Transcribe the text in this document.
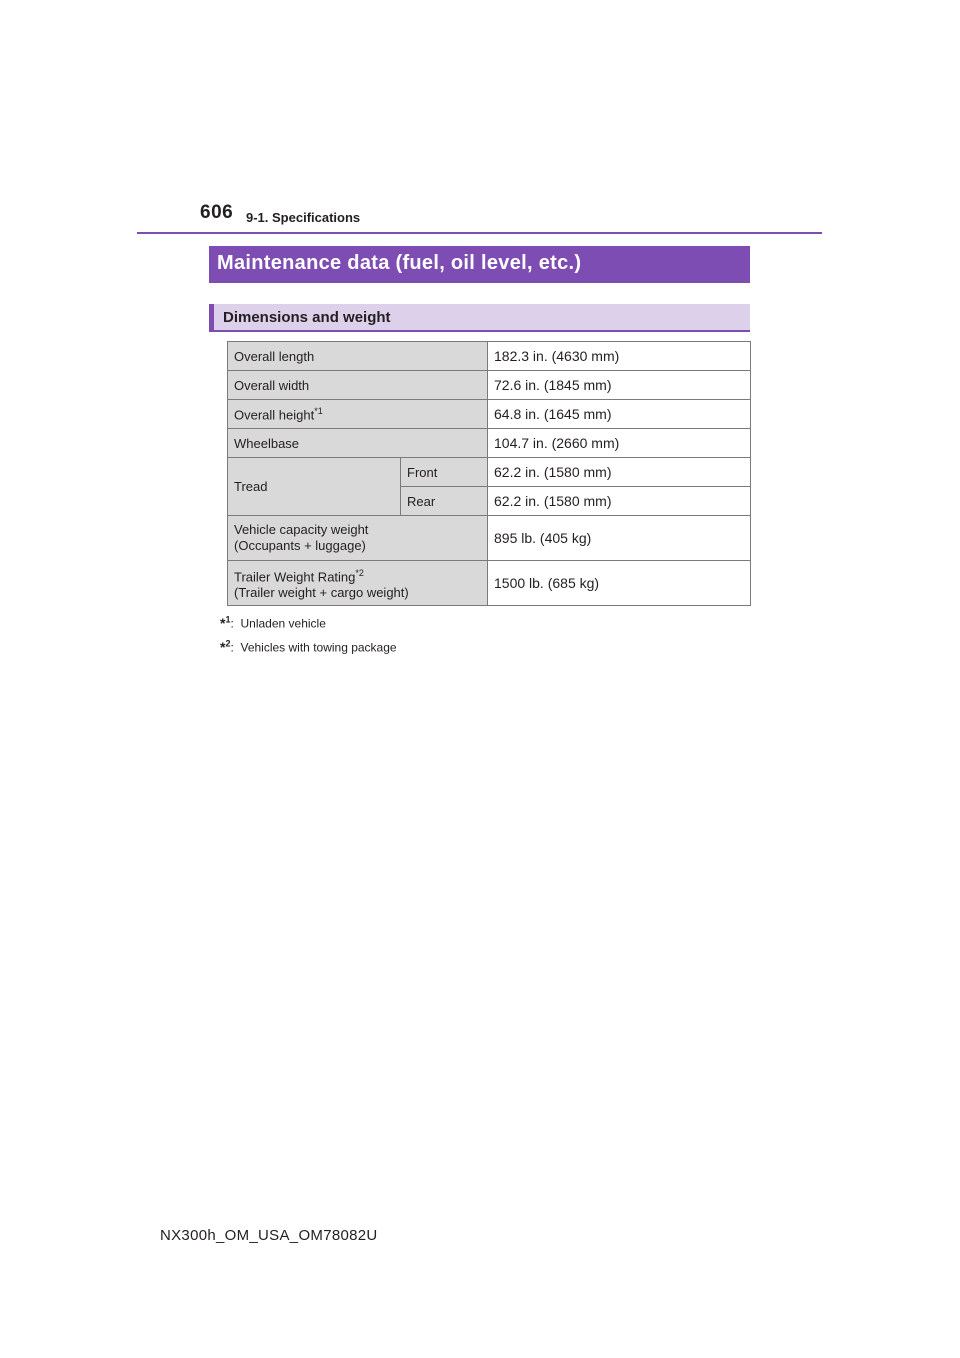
606 9-1. Specifications
Maintenance data (fuel, oil level, etc.)
Dimensions and weight
Overall length		182.3 in. (4630 mm)
Overall width		72.6 in. (1845 mm)
Overall height$^{*1}$		64.8 in. (1645 mm)
Wheelbase		104.7 in. (2660 mm)
Tread	Front	62.2 in. (1580 mm)
	Rear	62.2 in. (1580 mm)
Vehicle capacity weight
(Occupants + luggage)		895 lb. (405 kg)
Trailer Weight Rating$^{*2}$
(Trailer weight + cargo weight)		1500 lb. (685 kg)
*$^1$: Unladen vehicle
*$^2$: Vehicles with towing package
NX300h_OM_USA_OM78082U
